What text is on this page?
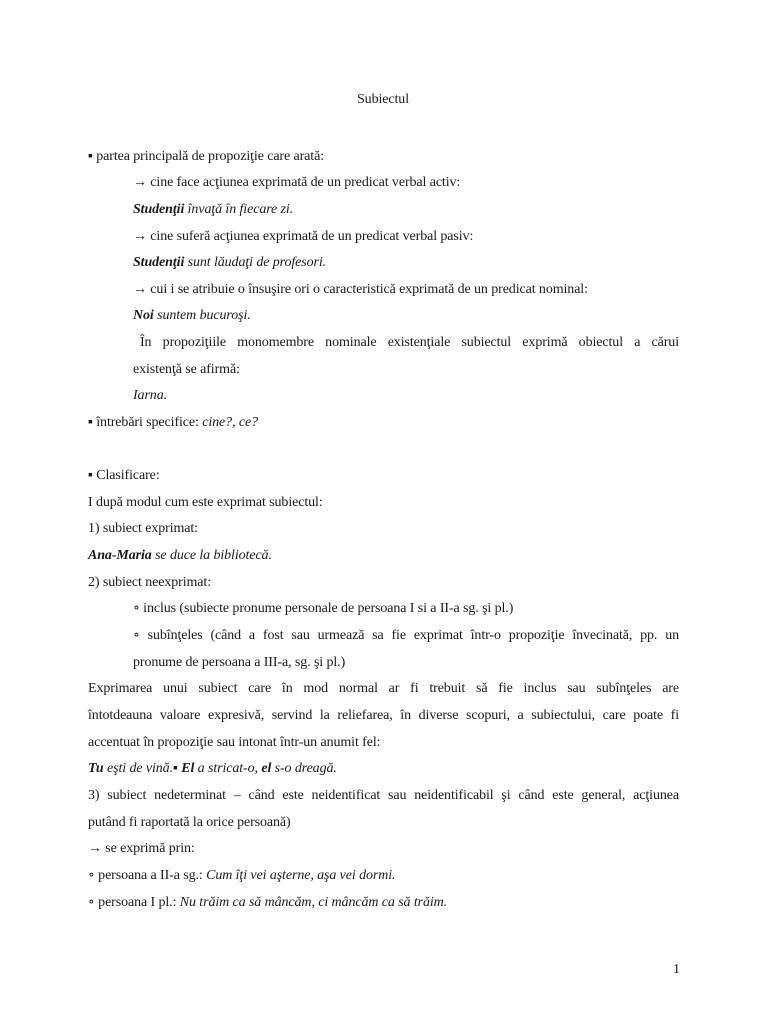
Subiectul
▪ partea principală de propoziţie care arată:
→ cine face acţiunea exprimată de un predicat verbal activ:
Studenţii învaţă în fiecare zi.
→ cine suferă acţiunea exprimată de un predicat verbal pasiv:
Studenţii sunt lăudaţi de profesori.
→ cui i se atribuie o însuşire ori o caracteristică exprimată de un predicat nominal:
Noi suntem bucuroşi.
În propoziţiile monomembre nominale existenţiale subiectul exprimă obiectul a cărui
existenţă se afirmă:
Iarna.
▪ întrebări specifice: cine?, ce?
▪ Clasificare:
I după modul cum este exprimat subiectul:
1) subiect exprimat:
Ana-Maria se duce la bibliotecă.
2) subiect neexprimat:
∘ inclus (subiecte pronume personale de persoana I si a II-a sg. şi pl.)
∘ subînţeles (când a fost sau urmează sa fie exprimat într-o propoziţie învecinată, pp. un
pronume de persoana a III-a, sg. şi pl.)
Exprimarea unui subiect care în mod normal ar fi trebuit să fie inclus sau subînţeles are
întotdeauna valoare expresivă, servind la reliefarea, în diverse scopuri, a subiectului, care poate fi
accentuat în propoziţie sau intonat într-un anumit fel:
Tu eşti de vină.▪ El a stricat-o, el s-o dreagă.
3) subiect nedeterminat – când este neidentificat sau neidentificabil şi când este general, acţiunea
putând fi raportată la orice persoană)
→ se exprimă prin:
∘ persoana a II-a sg.: Cum îţi vei aşterne, aşa vei dormi.
∘ persoana I pl.: Nu trăim ca să mâncăm, ci mâncăm ca să trăim.
1
